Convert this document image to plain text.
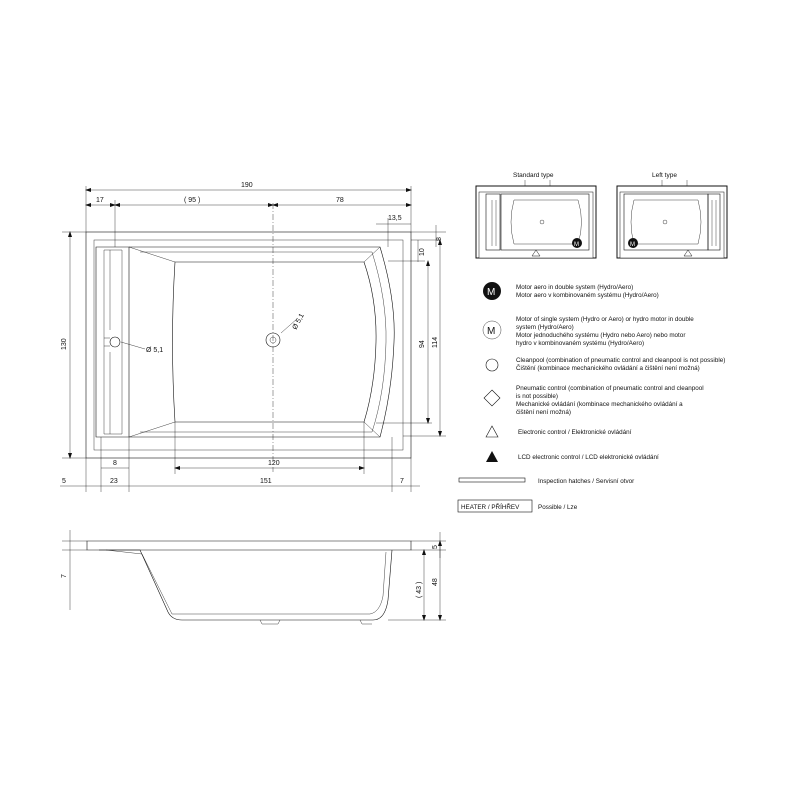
Ø 5,1
Ø 5,1
190
17	( 95 )	78
13,5
8
10
94 114
130
8	120
5	23	151	7
7
5
( 43 ) 48
Standard type
M
Left type
M
M	Motor aero in double system (Hydro/Aero)
Motor aero v kombinovaném systému (Hydro/Aero)
M
Motor of single system (Hydro or Aero) or hydro motor in double
system (Hydro/Aero)
Motor jednoduchého systému (Hydro nebo Aero) nebo motor
hydro v kombinovaném systému (Hydro/Aero)
Cleanpool (combination of pneumatic control and cleanpool is not possible)
Čištění (kombinace mechanického ovládání a čištění není možná)
Pneumatic control (combination of pneumatic control and cleanpool
is not possible)
Mechanické ovládání (kombinace mechanického ovládání a
čištění není možná)
Electronic control / Elektronické ovládání
LCD electronic control / LCD elektronické ovládání
Inspection hatches / Servisní otvor
HEATER / PŘÍHŘEV	Possible / Lze
